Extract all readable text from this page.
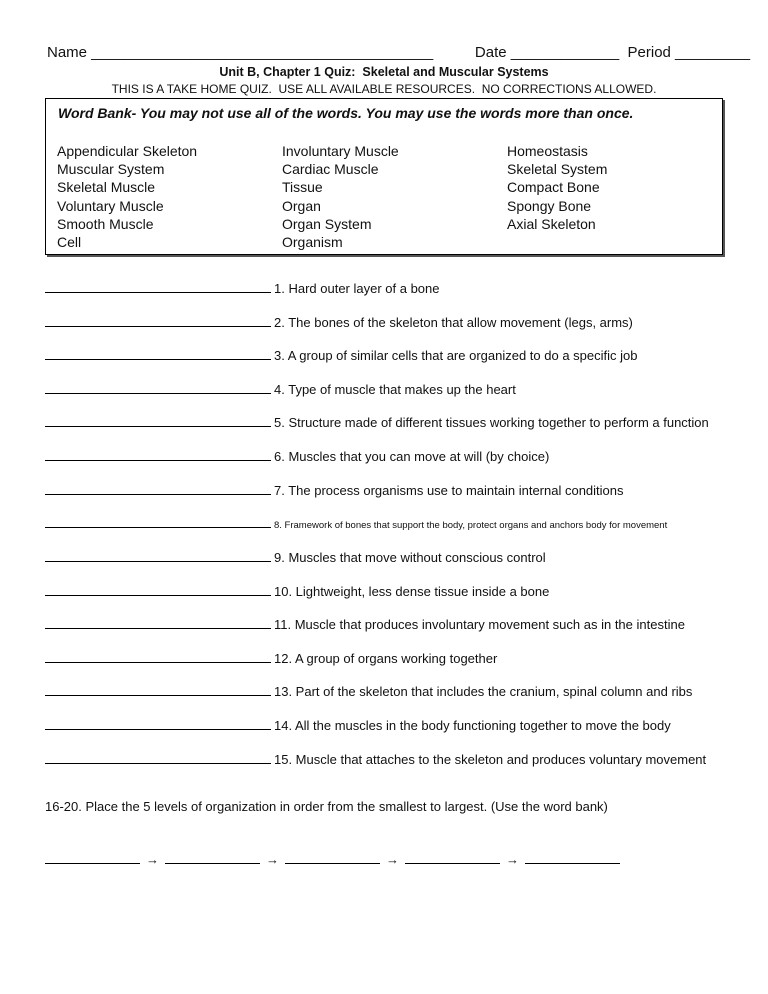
Name _________________________________________          Date _____________  Period _________
Unit B, Chapter 1 Quiz:  Skeletal and Muscular Systems
THIS IS A TAKE HOME QUIZ.  USE ALL AVAILABLE RESOURCES.  NO CORRECTIONS ALLOWED.
Word Bank- You may not use all of the words. You may use the words more than once.
Appendicular Skeleton
Muscular System
Skeletal Muscle
Voluntary Muscle
Smooth Muscle
Cell
Involuntary Muscle
Cardiac Muscle
Tissue
Organ
Organ System
Organism
Homeostasis
Skeletal System
Compact Bone
Spongy Bone
Axial Skeleton
1. Hard outer layer of a bone
2. The bones of the skeleton that allow movement (legs, arms)
3. A group of similar cells that are organized to do a specific job
4. Type of muscle that makes up the heart
5. Structure made of different tissues working together to perform a function
6. Muscles that you can move at will (by choice)
7. The process organisms use to maintain internal conditions
8. Framework of bones that support the body, protect organs and anchors body for movement
9. Muscles that move without conscious control
10. Lightweight, less dense tissue inside a bone
11. Muscle that produces involuntary movement such as in the intestine
12. A group of organs working together
13. Part of the skeleton that includes the cranium, spinal column and ribs
14. All the muscles in the body functioning together to move the body
15. Muscle that attaches to the skeleton and produces voluntary movement
16-20. Place the 5 levels of organization in order from the smallest to largest. (Use the word bank)
→	→	→	→
